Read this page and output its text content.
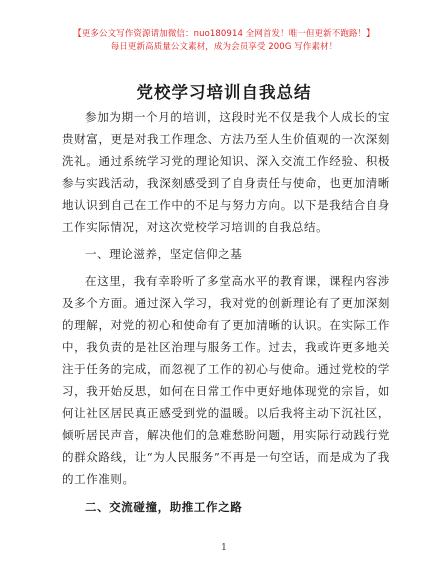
【更多公文写作资源请加微信：nuo180914 全网首发！唯一但更新不跑路！】
每日更新高质量公文素材，成为会员享受 200G 写作素材！
党校学习培训自我总结

参加为期一个月的培训，这段时光不仅是我个人成长的宝贵财富，更是对我工作理念、方法乃至人生价值观的一次深刻洗礼。通过系统学习党的理论知识、深入交流工作经验、积极参与实践活动，我深刻感受到了自身责任与使命，也更加清晰地认识到自己在工作中的不足与努力方向。以下是我结合自身工作实际情况，对这次党校学习培训的自我总结。

一、理论滋养，坚定信仰之基

在这里，我有幸聆听了多堂高水平的教育课，课程内容涉及多个方面。通过深入学习，我对党的创新理论有了更加深刻的理解，对党的初心和使命有了更加清晰的认识。在实际工作中，我负责的是社区治理与服务工作。过去，我或许更多地关注于任务的完成，而忽视了工作的初心与使命。通过党校的学习，我开始反思，如何在日常工作中更好地体现党的宗旨，如何让社区居民真正感受到党的温暖。以后我将主动下沉社区，倾听居民声音，解决他们的急难愁盼问题，用实际行动践行党的群众路线，让“为人民服务”不再是一句空话，而是成为了我的工作准则。

二、交流碰撞，助推工作之路

1
